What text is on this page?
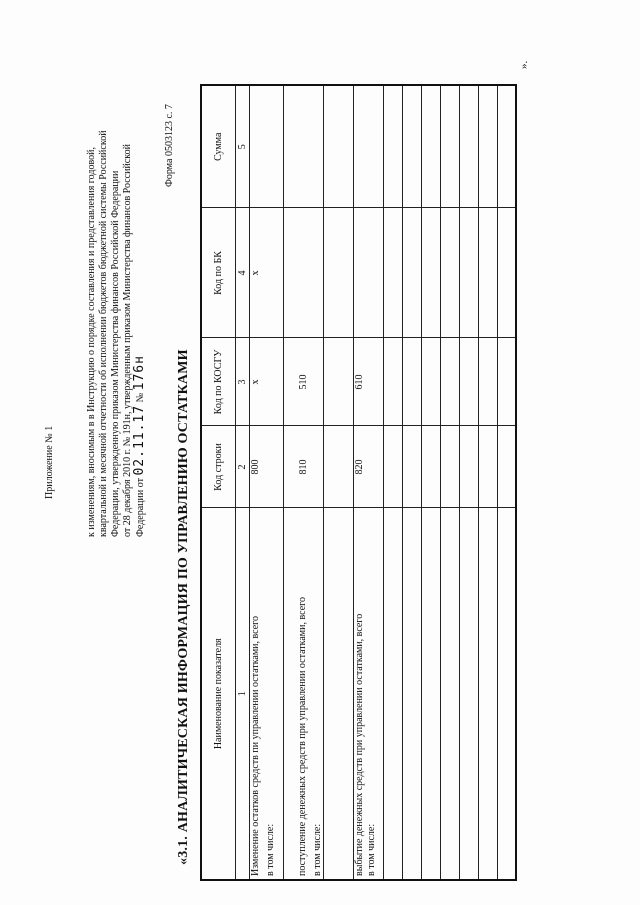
Приложение № 1	к изменениям, вносимым в в Инструкцию о порядке составления и представления годовой, квартальной и месячной отчетности об исполнении бюджетов бюджетной системы Российской Федерации, утвержденную приказом Министерства финансов Российской Федерации от 28 декабря 2010 г. № 191н, утвержденным приказом Министерства финансов Российской Федерации от 02.11.17 № 176н
Форма 0503123 с. 7
«3.1. АНАЛИТИЧЕСКАЯ ИНФОРМАЦИЯ ПО УПРАВЛЕНИЮ ОСТАТКАМИ Наименование показателя	Код строки	Код по КОСГУ	Код по БК	Сумма
1	2	3	4	5

Изменение остатков средств пи управлении остатками, всего в том числе:	800	х	х	

поступление денежных средств при управлении остатками, всего в том числе:	810	510		

выбытие денежных средств при управлении остатками, всего в том числе:	820	610		

».
